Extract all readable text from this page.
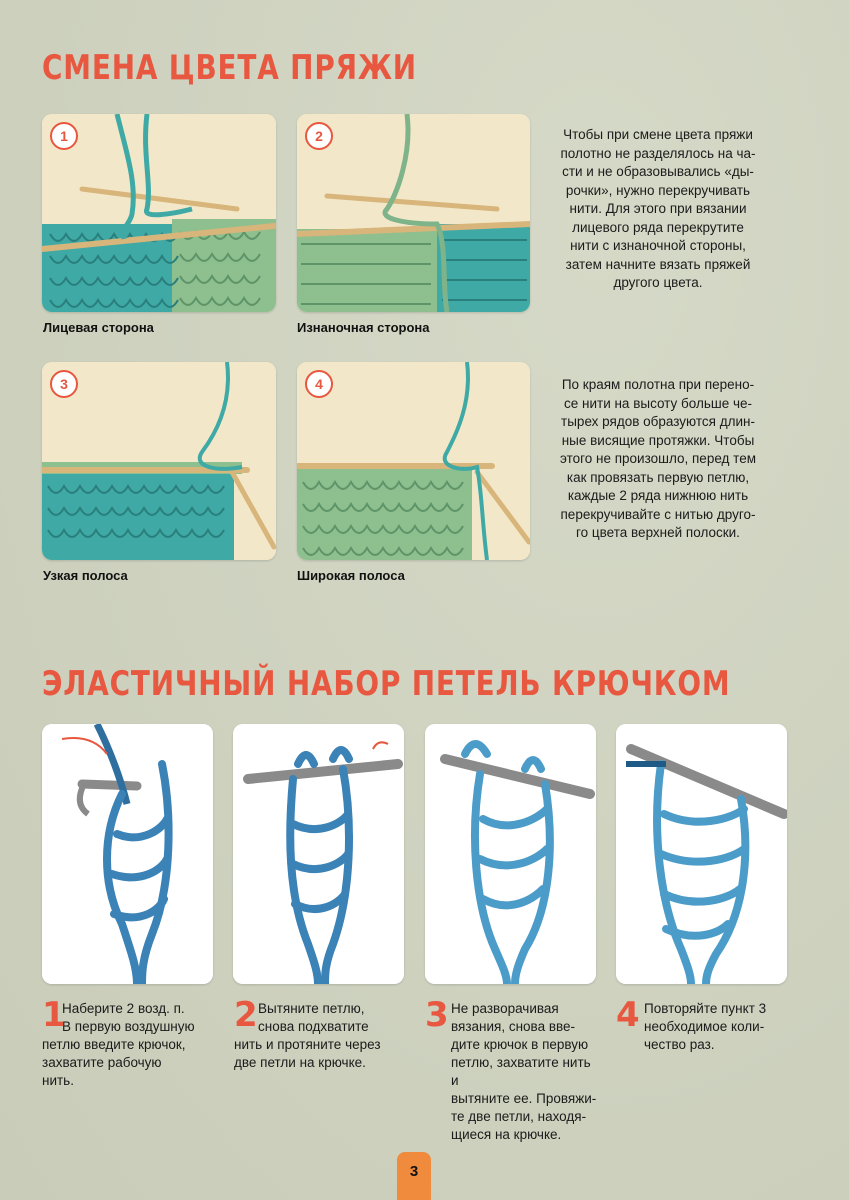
СМЕНА ЦВЕТА ПРЯЖИ
1
Лицевая сторона
2
Изнаночная сторона
Чтобы при смене цвета пряжи
полотно не разделялось на ча-
сти и не образовывались «ды-
рочки», нужно перекручивать
нити. Для этого при вязании
лицевого ряда перекрутите
нити с изнаночной стороны,
затем начните вязать пряжей
другого цвета.
3
Узкая полоса
4
Широкая полоса
По краям полотна при перено-
се нити на высоту больше че-
тырех рядов образуются длин-
ные висящие протяжки. Чтобы
этого не произошло, перед тем
как провязать первую петлю,
каждые 2 ряда нижнюю нить
перекручивайте с нитью друго-
го цвета верхней полоски.
ЭЛАСТИЧНЫЙ НАБОР ПЕТЕЛЬ КРЮЧКОМ
1
Наберите 2 возд. п.
В первую воздушную
петлю введите крючок,
захватите рабочую
нить.
2 Вытяните петлю,
снова подхватите
нить и протяните через
две петли на крючке.
3 Не разворачивая
вязания, снова вве-
дите крючок в первую
петлю, захватите нить и
вытяните ее. Провяжи-
те две петли, находя-
щиеся на крючке.
4 Повторяйте пункт 3
необходимое коли-
чество раз.
3
